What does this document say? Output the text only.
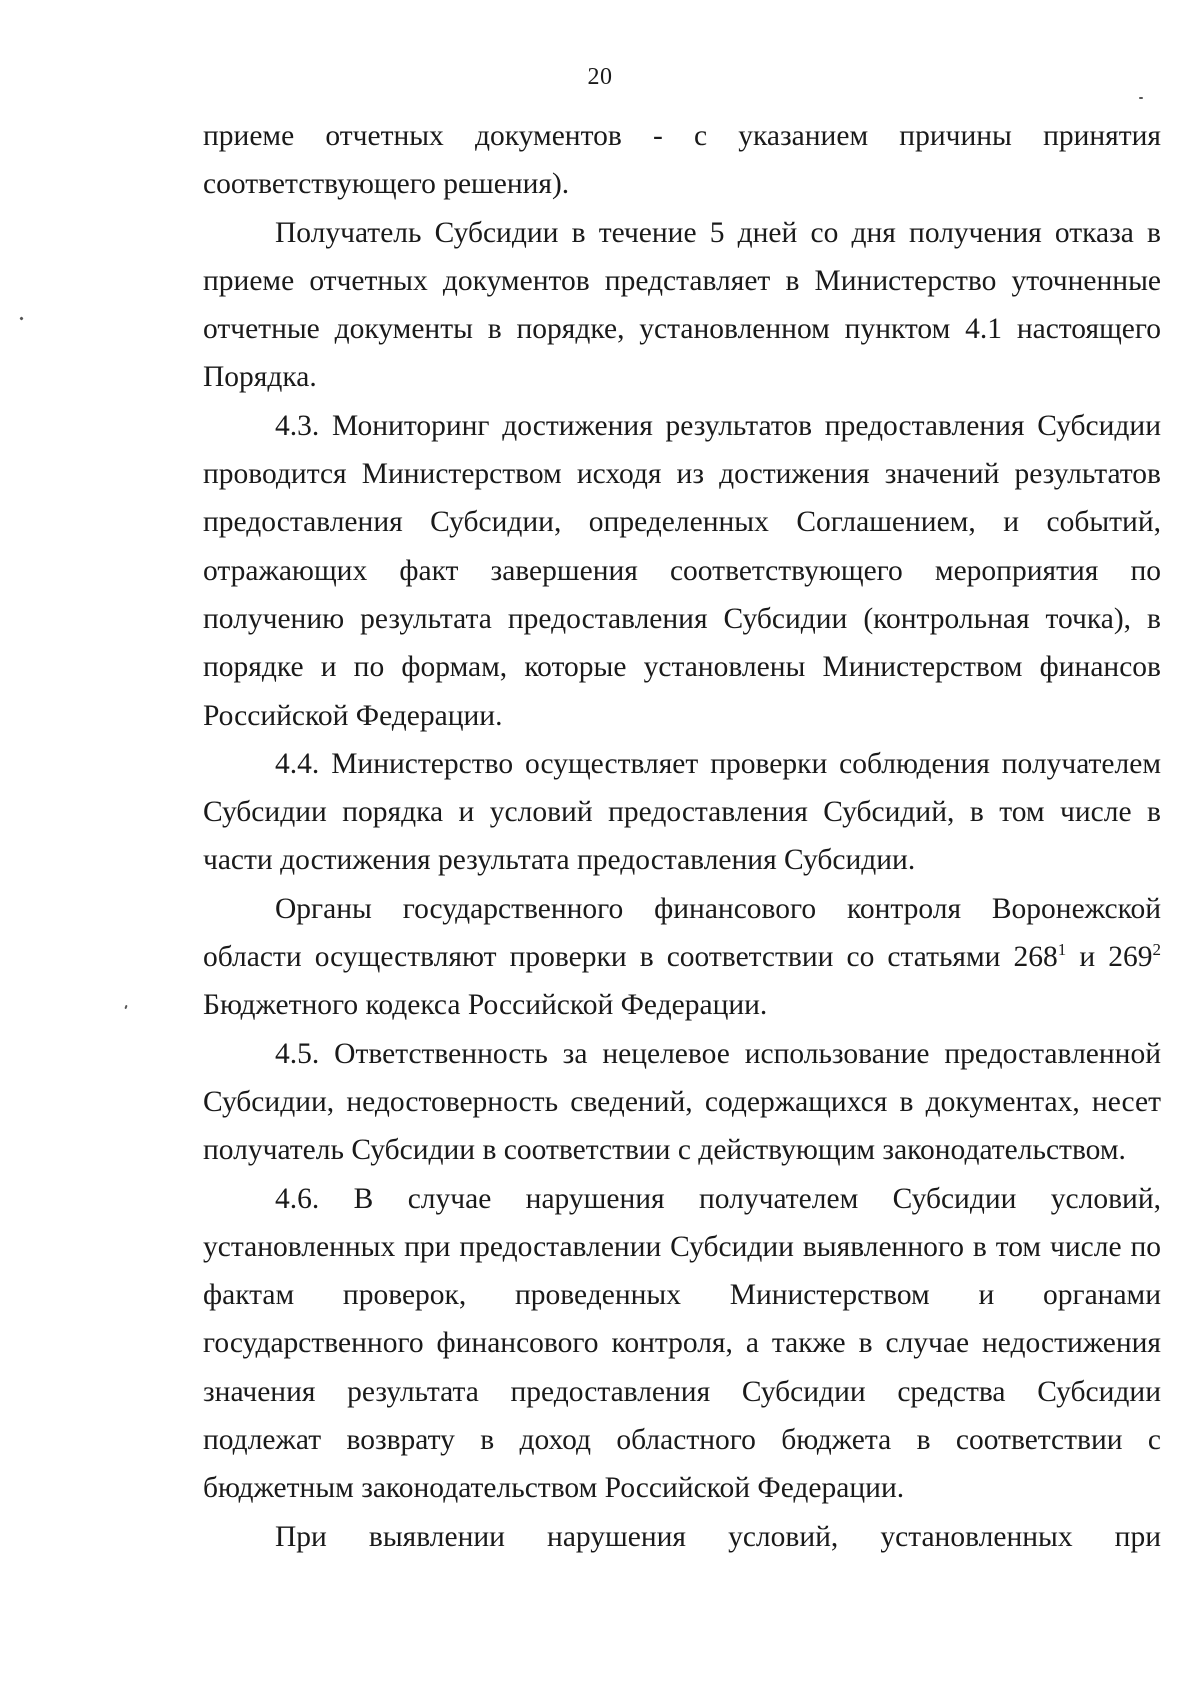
20

приеме отчетных документов - с указанием причины принятия соответствующего решения).

Получатель Субсидии в течение 5 дней со дня получения отказа в приеме отчетных документов представляет в Министерство уточненные отчетные документы в порядке, установленном пунктом 4.1 настоящего Порядка.

4.3. Мониторинг достижения результатов предоставления Субсидии проводится Министерством исходя из достижения значений результатов предоставления Субсидии, определенных Соглашением, и событий, отражающих факт завершения соответствующего мероприятия по получению результата предоставления Субсидии (контрольная точка), в порядке и по формам, которые установлены Министерством финансов Российской Федерации.

4.4. Министерство осуществляет проверки соблюдения получателем Субсидии порядка и условий предоставления Субсидий, в том числе в части достижения результата предоставления Субсидии.

Органы государственного финансового контроля Воронежской области осуществляют проверки в соответствии со статьями $268^1$ и $269^2$ Бюджетного кодекса Российской Федерации.

4.5. Ответственность за нецелевое использование предоставленной Субсидии, недостоверность сведений, содержащихся в документах, несет получатель Субсидии в соответствии с действующим законодательством.

4.6. В случае нарушения получателем Субсидии условий, установленных при предоставлении Субсидии выявленного в том числе по фактам проверок, проведенных Министерством и органами государственного финансового контроля, а также в случае недостижения значения результата предоставления Субсидии средства Субсидии подлежат возврату в доход областного бюджета в соответствии с бюджетным законодательством Российской Федерации.

При выявлении нарушения условий, установленных при
